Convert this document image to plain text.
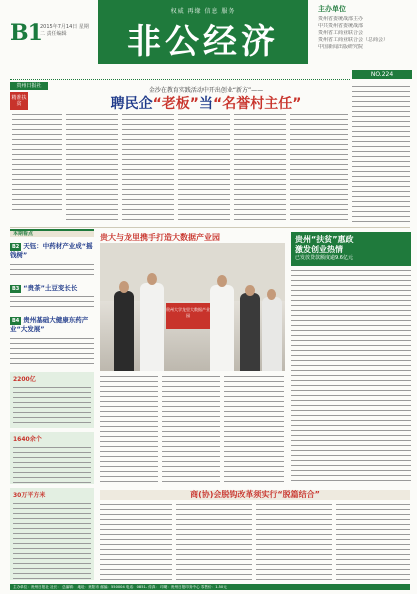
B1
2015年7月14日 星期二 责任编辑
权威 再缘 信息 服务
非公经济
主办单位
贵州省委统战部主办
中共贵州省委统战部
贵州省工商业联合会
贵州省工商业联合会（总商会）
中国新闻出版研究院
NO.224
贵州日报社
精准扶贫
金沙在教育实践活动中开出创业“新方”——
聘民企“老板”当“名誉村主任”
本期看点
B2 天钰：中药材产业成“摇钱树”
B3 “贵茶”土豆变长长
B4 贵州基础大健康东药产业“大发展”
2200亿
1640余个
30万平方米
贵大与龙里携手打造大数据产业园
贵州大学龙里大数据产业园
贵州“扶贫”惠政
激发创业热情
已发放贷款额度逾9.6亿元
商(协)会脱钩改革须实行“脱篇结合”
主办单位：贵州日报社 社长： 总编辑： 地址：贵阳市 邮编：550004 电话：0851- 传真： 印刷：贵州日报印务中心 零售价：1.50元
